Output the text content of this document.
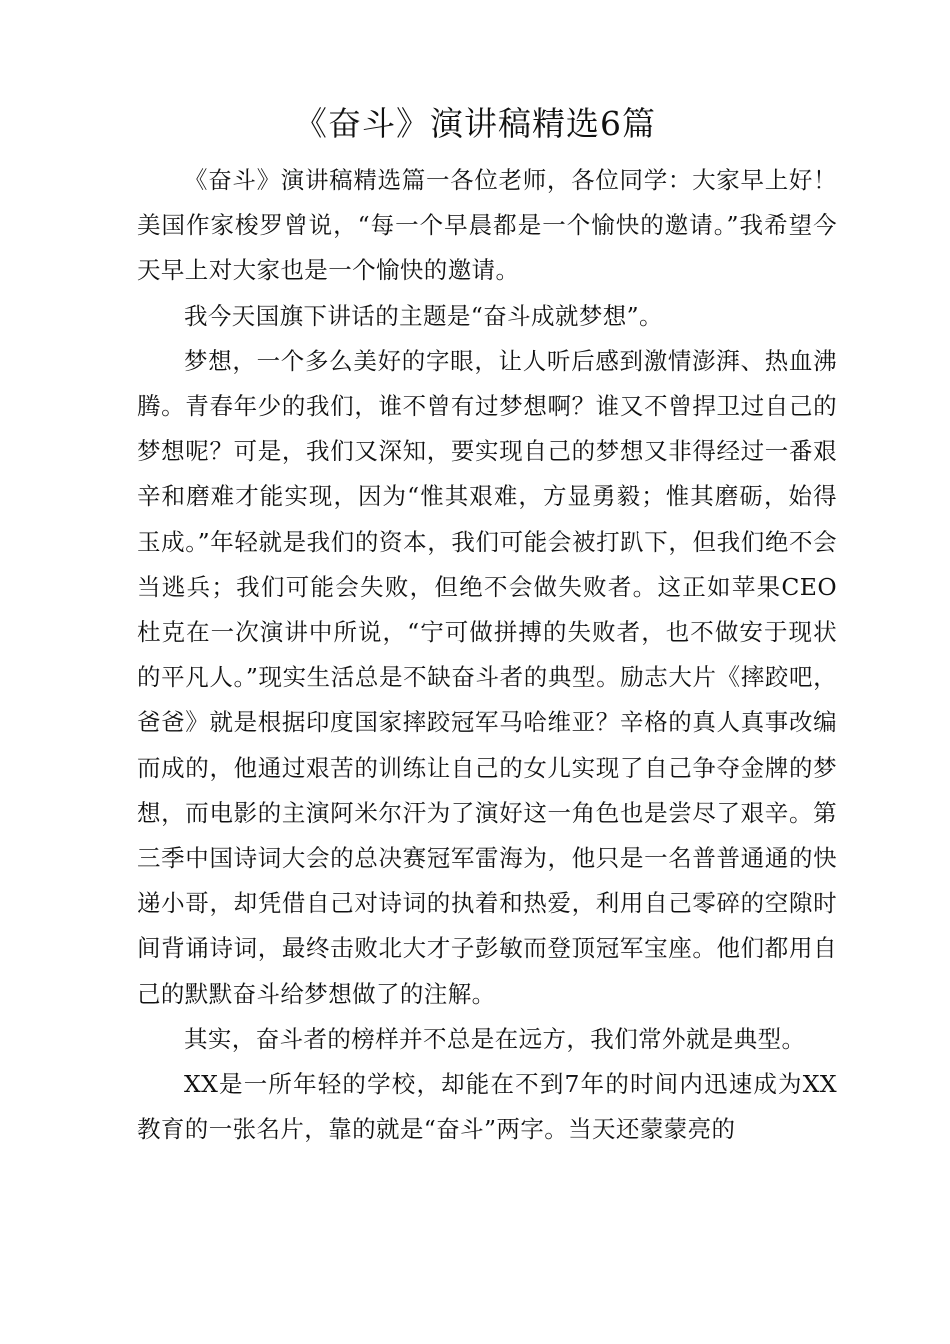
《奋斗》演讲稿精选6篇

《奋斗》演讲稿精选篇一各位老师，各位同学：大家早上好！美国作家梭罗曾说，“每一个早晨都是一个愉快的邀请。”我希望今天早上对大家也是一个愉快的邀请。

我今天国旗下讲话的主题是“奋斗成就梦想”。

梦想，一个多么美好的字眼，让人听后感到激情澎湃、热血沸腾。青春年少的我们，谁不曾有过梦想啊？谁又不曾捍卫过自己的梦想呢？可是，我们又深知，要实现自己的梦想又非得经过一番艰辛和磨难才能实现，因为“惟其艰难，方显勇毅；惟其磨砺，始得玉成。”年轻就是我们的资本，我们可能会被打趴下，但我们绝不会当逃兵；我们可能会失败，但绝不会做失败者。这正如苹果CEO杜克在一次演讲中所说，“宁可做拼搏的失败者，也不做安于现状的平凡人。”现实生活总是不缺奋斗者的典型。励志大片《摔跤吧，爸爸》就是根据印度国家摔跤冠军马哈维亚？辛格的真人真事改编而成的，他通过艰苦的训练让自己的女儿实现了自己争夺金牌的梦想，而电影的主演阿米尔汗为了演好这一角色也是尝尽了艰辛。第三季中国诗词大会的总决赛冠军雷海为，他只是一名普普通通的快递小哥，却凭借自己对诗词的执着和热爱，利用自己零碎的空隙时间背诵诗词，最终击败北大才子彭敏而登顶冠军宝座。他们都用自己的默默奋斗给梦想做了的注解。

其实，奋斗者的榜样并不总是在远方，我们常外就是典型。

XX是一所年轻的学校，却能在不到7年的时间内迅速成为XX教育的一张名片，靠的就是“奋斗”两字。当天还蒙蒙亮的
